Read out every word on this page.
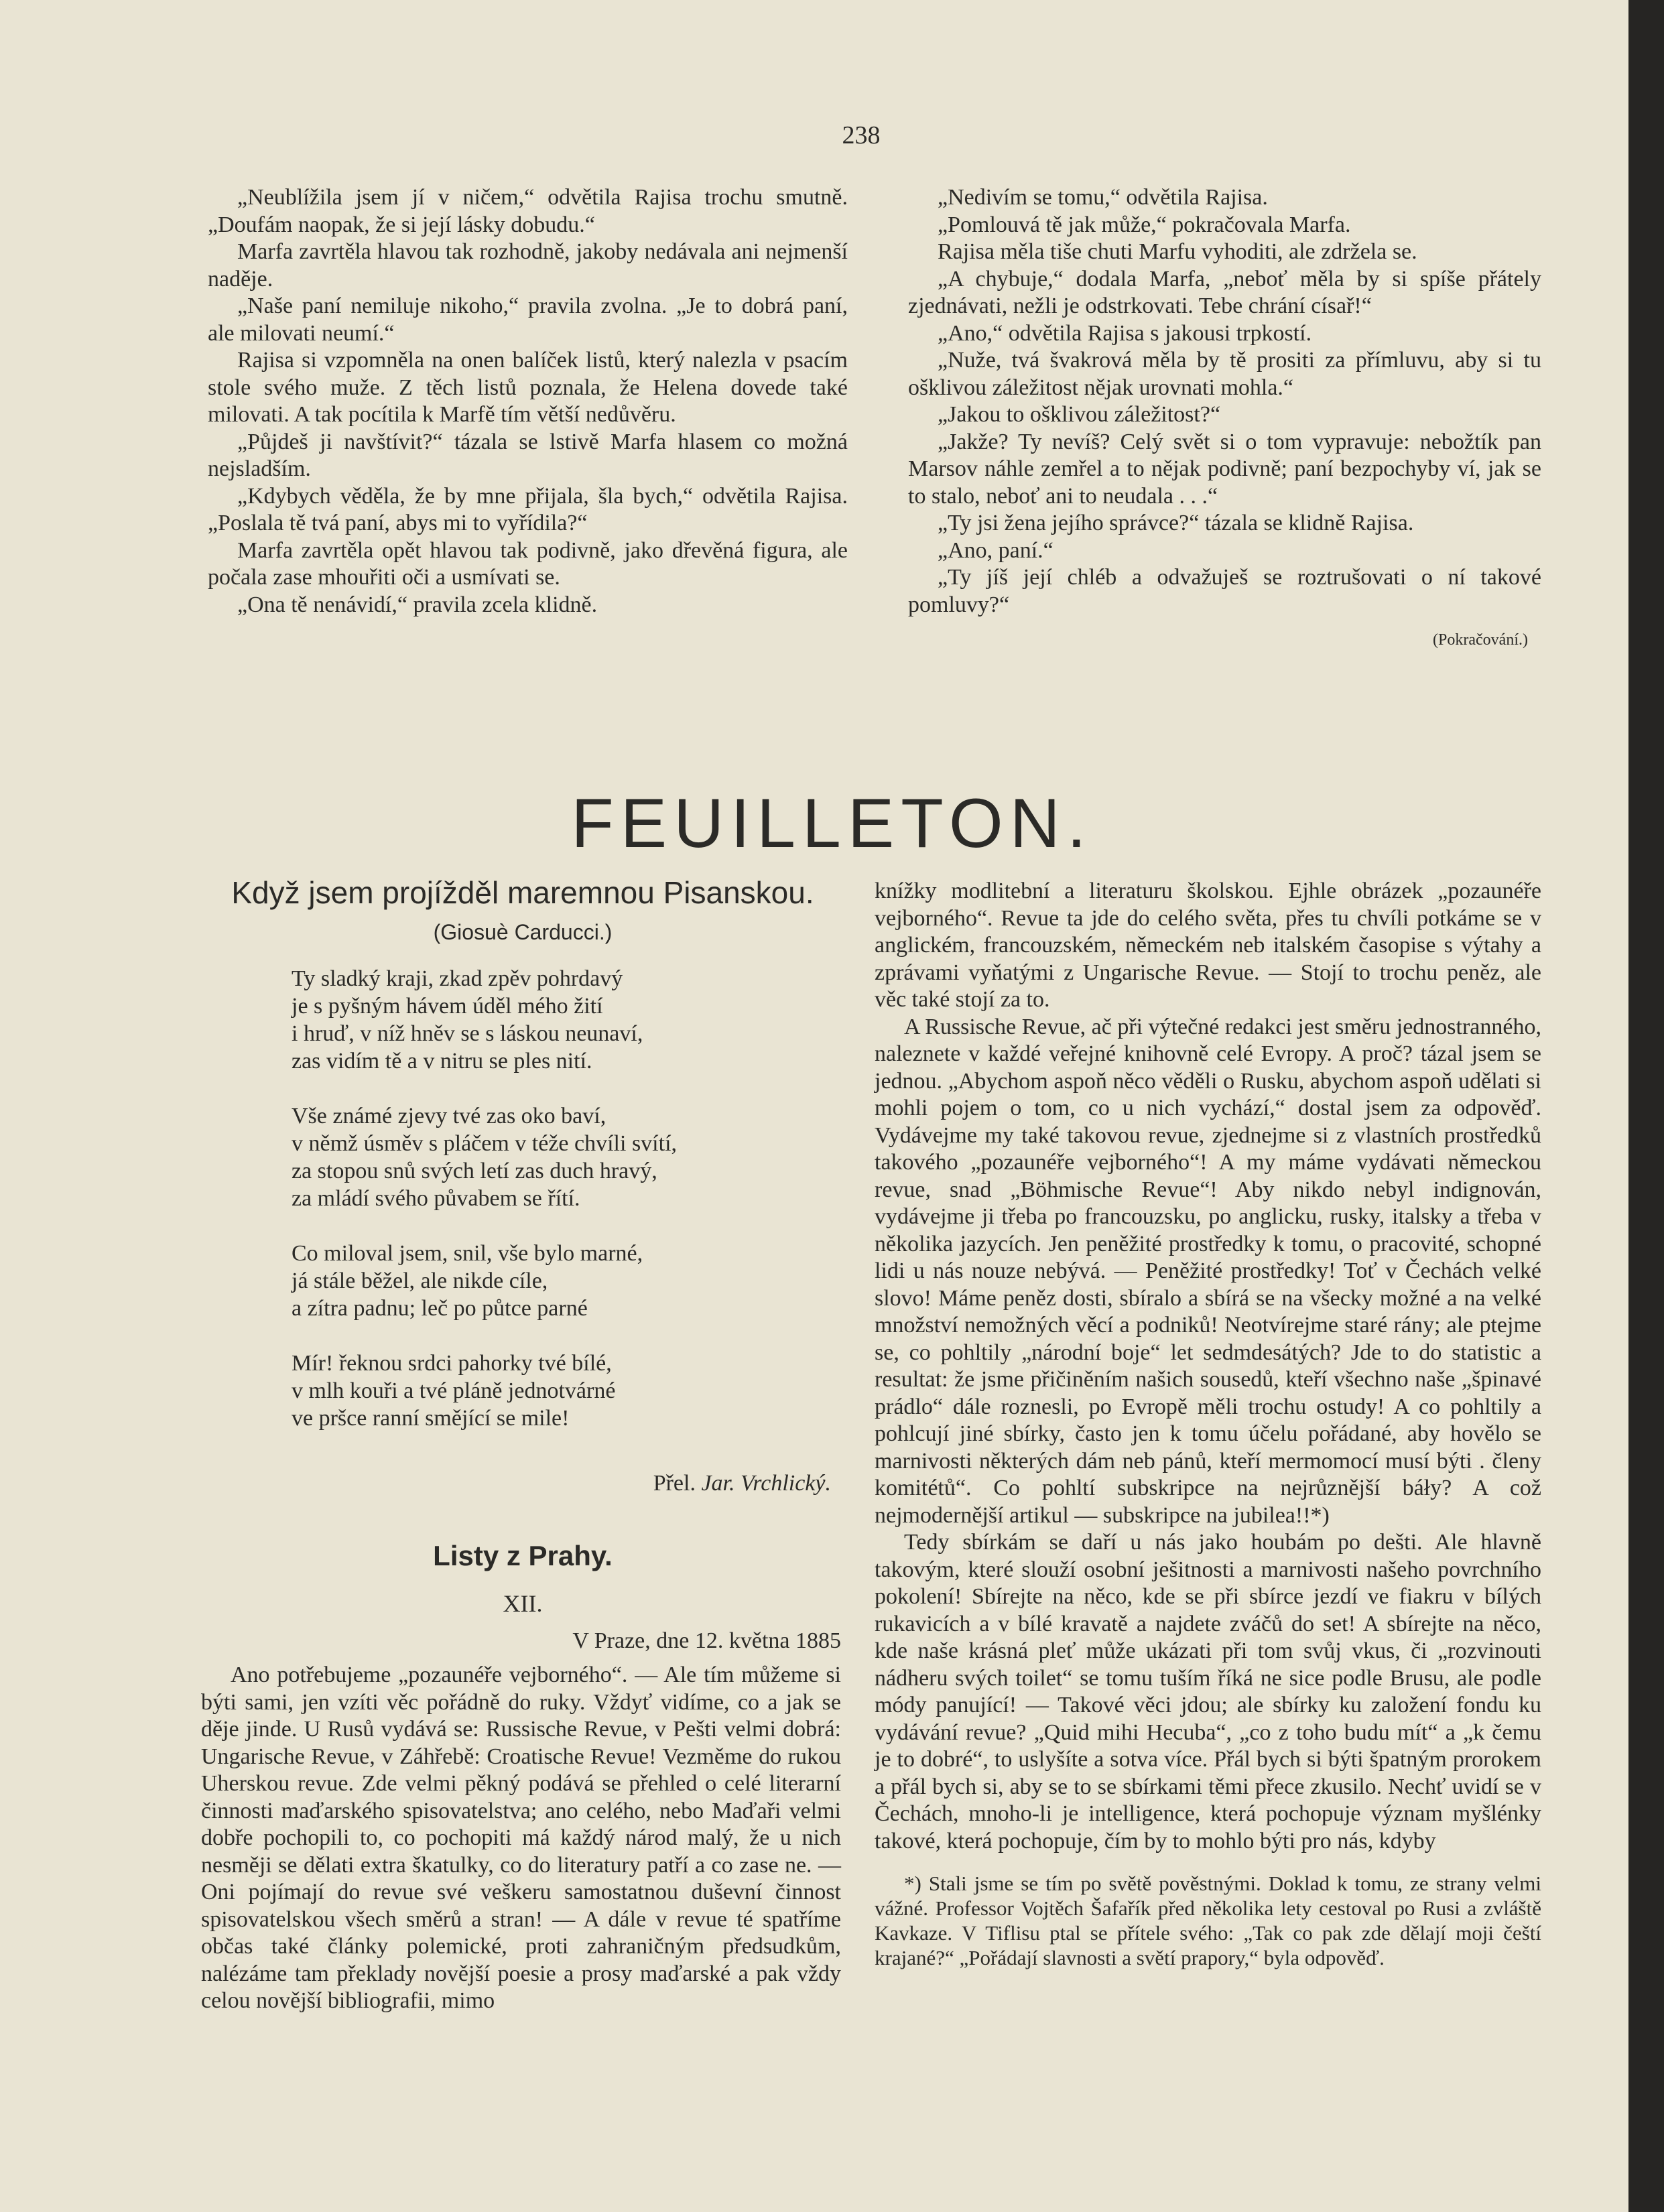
238

„Neublížila jsem jí v ničem,“ odvětila Rajisa trochu smutně. „Doufám naopak, že si její lásky dobudu.“

Marfa zavrtěla hlavou tak rozhodně, jakoby nedávala ani nejmenší naděje.

„Naše paní nemiluje nikoho,“ pravila zvolna. „Je to dobrá paní, ale milovati neumí.“

Rajisa si vzpomněla na onen balíček listů, který nalezla v psacím stole svého muže. Z těch listů poznala, že Helena dovede také milovati. A tak pocítila k Marfě tím větší nedůvěru.

„Půjdeš ji navštívit?“ tázala se lstivě Marfa hlasem co možná nejsladším.

„Kdybych věděla, že by mne přijala, šla bych,“ odvětila Rajisa. „Poslala tě tvá paní, abys mi to vyřídila?“

Marfa zavrtěla opět hlavou tak podivně, jako dřevěná figura, ale počala zase mhouřiti oči a usmívati se.

„Ona tě nenávidí,“ pravila zcela klidně.

„Nedivím se tomu,“ odvětila Rajisa.

„Pomlouvá tě jak může,“ pokračovala Marfa.

Rajisa měla tiše chuti Marfu vyhoditi, ale zdržela se.

„A chybuje,“ dodala Marfa, „neboť měla by si spíše přátely zjednávati, nežli je odstrkovati. Tebe chrání císař!“

„Ano,“ odvětila Rajisa s jakousi trpkostí.

„Nuže, tvá švakrová měla by tě prositi za přímluvu, aby si tu ošklivou záležitost nějak urovnati mohla.“

„Jakou to ošklivou záležitost?“

„Jakže? Ty nevíš? Celý svět si o tom vypravuje: nebožtík pan Marsov náhle zemřel a to nějak podivně; paní bezpochyby ví, jak se to stalo, neboť ani to neudala . . .“

„Ty jsi žena jejího správce?“ tázala se klidně Rajisa.

„Ano, paní.“

„Ty jíš její chléb a odvažuješ se roztrušovati o ní takové pomluvy?“

(Pokračování.)
FEUILLETON.
Když jsem projížděl maremnou Pisanskou.
(Giosuè Carducci.)
Ty sladký kraji, zkad zpěv pohrdavý
je s pyšným hávem úděl mého žití
i hruď, v níž hněv se s láskou neunaví,
zas vidím tě a v nitru se ples nití.
Vše známé zjevy tvé zas oko baví,
v němž úsměv s pláčem v téže chvíli svítí,
za stopou snů svých letí zas duch hravý,
za mládí svého půvabem se řítí.
Co miloval jsem, snil, vše bylo marné,
já stále běžel, ale nikde cíle,
a zítra padnu; leč po půtce parné
Mír! řeknou srdci pahorky tvé bílé,
v mlh kouři a tvé pláně jednotvárné
ve pršce ranní smějící se mile!
Přel. Jar. Vrchlický.
Listy z Prahy.
XII.
V Praze, dne 12. května 1885

Ano potřebujeme „pozaunéře vejborného“. — Ale tím můžeme si býti sami, jen vzíti věc pořádně do ruky. Vždyť vidíme, co a jak se děje jinde. U Rusů vydává se: Russische Revue, v Pešti velmi dobrá: Ungarische Revue, v Záhřebě: Croatische Revue! Vezměme do rukou Uherskou revue. Zde velmi pěkný podává se přehled o celé literarní činnosti maďarského spisovatelstva; ano celého, nebo Maďaři velmi dobře pochopili to, co pochopiti má každý národ malý, že u nich nesměji se dělati extra škatulky, co do literatury patří a co zase ne. — Oni pojímají do revue své veškeru samostatnou duševní činnost spisovatelskou všech směrů a stran! — A dále v revue té spatříme občas také články polemické, proti zahraničným předsudkům, nalézáme tam překlady novější poesie a prosy maďarské a pak vždy celou novější bibliografii, mimo

knížky modlitební a literaturu školskou. Ejhle obrázek „pozaunéře vejborného“. Revue ta jde do celého světa, přes tu chvíli potkáme se v anglickém, francouzském, německém neb italském časopise s výtahy a zprávami vyňatými z Ungarische Revue. — Stojí to trochu peněz, ale věc také stojí za to.

A Russische Revue, ač při výtečné redakci jest směru jednostranného, naleznete v každé veřejné knihovně celé Evropy. A proč? tázal jsem se jednou. „Abychom aspoň něco věděli o Rusku, abychom aspoň udělati si mohli pojem o tom, co u nich vychází,“ dostal jsem za odpověď. Vydávejme my také takovou revue, zjednejme si z vlastních prostředků takového „pozaunéře vejborného“! A my máme vydávati německou revue, snad „Böhmische Revue“! Aby nikdo nebyl indignován, vydávejme ji třeba po francouzsku, po anglicku, rusky, italsky a třeba v několika jazycích. Jen peněžité prostředky k tomu, o pracovité, schopné lidi u nás nouze nebývá. — Peněžité prostředky! Toť v Čechách velké slovo! Máme peněz dosti, sbíralo a sbírá se na všecky možné a na velké množství nemožných věcí a podniků! Neotvírejme staré rány; ale ptejme se, co pohltily „národní boje“ let sedmdesátých? Jde to do statistic a resultat: že jsme přičiněním našich sousedů, kteří všechno naše „špinavé prádlo“ dále roznesli, po Evropě měli trochu ostudy! A co pohltily a pohlcují jiné sbírky, často jen k tomu účelu pořádané, aby hovělo se marnivosti některých dám neb pánů, kteří mermomocí musí býti . členy komitétů“. Co pohltí subskripce na nejrůznější báły? A což nejmodernější artikul — subskripce na jubilea!!*)

Tedy sbírkám se daří u nás jako houbám po dešti. Ale hlavně takovým, které slouží osobní ješitnosti a marnivosti našeho povrchního pokolení! Sbírejte na něco, kde se při sbírce jezdí ve fiakru v bílých rukavicích a v bílé kravatě a najdete zváčů do set! A sbírejte na něco, kde naše krásná pleť může ukázati při tom svůj vkus, či „rozvinouti nádheru svých toilet“ se tomu tuším říká ne sice podle Brusu, ale podle módy panující! — Takové věci jdou; ale sbírky ku založení fondu ku vydávání revue? „Quid mihi Hecuba“, „co z toho budu mít“ a „k čemu je to dobré“, to uslyšíte a sotva více. Přál bych si býti špatným prorokem a přál bych si, aby se to se sbírkami těmi přece zkusilo. Nechť uvidí se v Čechách, mnoho-li je intelligence, která pochopuje význam myšlénky takové, která pochopuje, čím by to mohlo býti pro nás, kdyby

*) Stali jsme se tím po světě pověstnými. Doklad k tomu, ze strany velmi vážné. Professor Vojtěch Šafařík před několika lety cestoval po Rusi a zvláště Kavkaze. V Tiflisu ptal se přítele svého: „Tak co pak zde dělají moji čeští krajané?“ „Pořádají slavnosti a světí prapory,“ byla odpověď.
